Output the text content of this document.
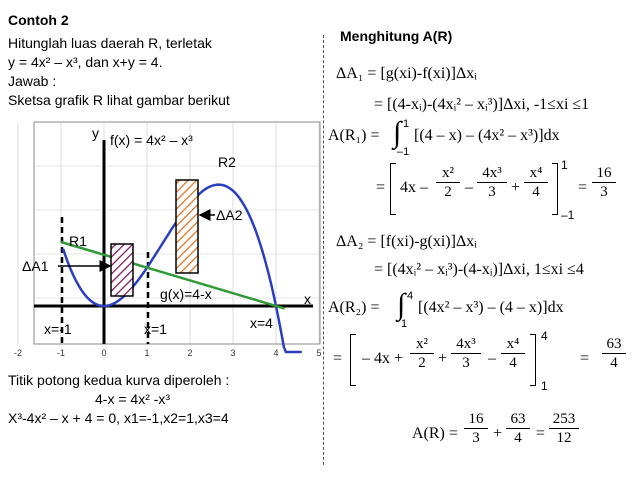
Contoh 2
Hitunglah luas daerah R, terletak
y = 4x² – x³, dan x+y = 4.
Jawab :
Sketsa grafik R lihat gambar berikut
-2	-1	0	1	2	3	4	5
y
x
f(x) = 4x² – x³
g(x)=4-x
R2
R1
ΔA1
ΔA2
x=-1	x=1	x=4
Titik potong kedua kurva diperoleh :
4-x = 4x² -x³
X³-4x² – x + 4 = 0, x1=-1,x2=1,x3=4
Menghitung A(R)
ΔA₁ = [g(xi)-f(xi)]Δxᵢ
= [(4-xᵢ)-(4xᵢ² – xᵢ³)]Δxi, -1≤xi ≤1
A(R₁) = ∫ 1
–1
[(4 – x) – (4x² – x³)]dx
= $4x - \frac{\text{x²}}{2} - \frac{\text{4x³}}{3} + \frac{\text{x⁴}}{4} 1$
–1
= $\frac{16}{3}$
ΔA₂ = [f(xi)-g(xi)]Δxᵢ
= [(4xᵢ² – xᵢ³)-(4-xᵢ)]Δxi, 1≤xi ≤4
A(R₂) = ∫ 4
1
[(4x² – x³) – (4 – x)]dx
= – $4x + \frac{\text{x²}}{2} + \frac{\text{4x³}}{3} - \frac{\text{x⁴}}{4} 4$
1
= $\frac{63}{4}$
$A(R) = \frac{16}{3} + \frac{63}{4} = \frac{253}{12}$
